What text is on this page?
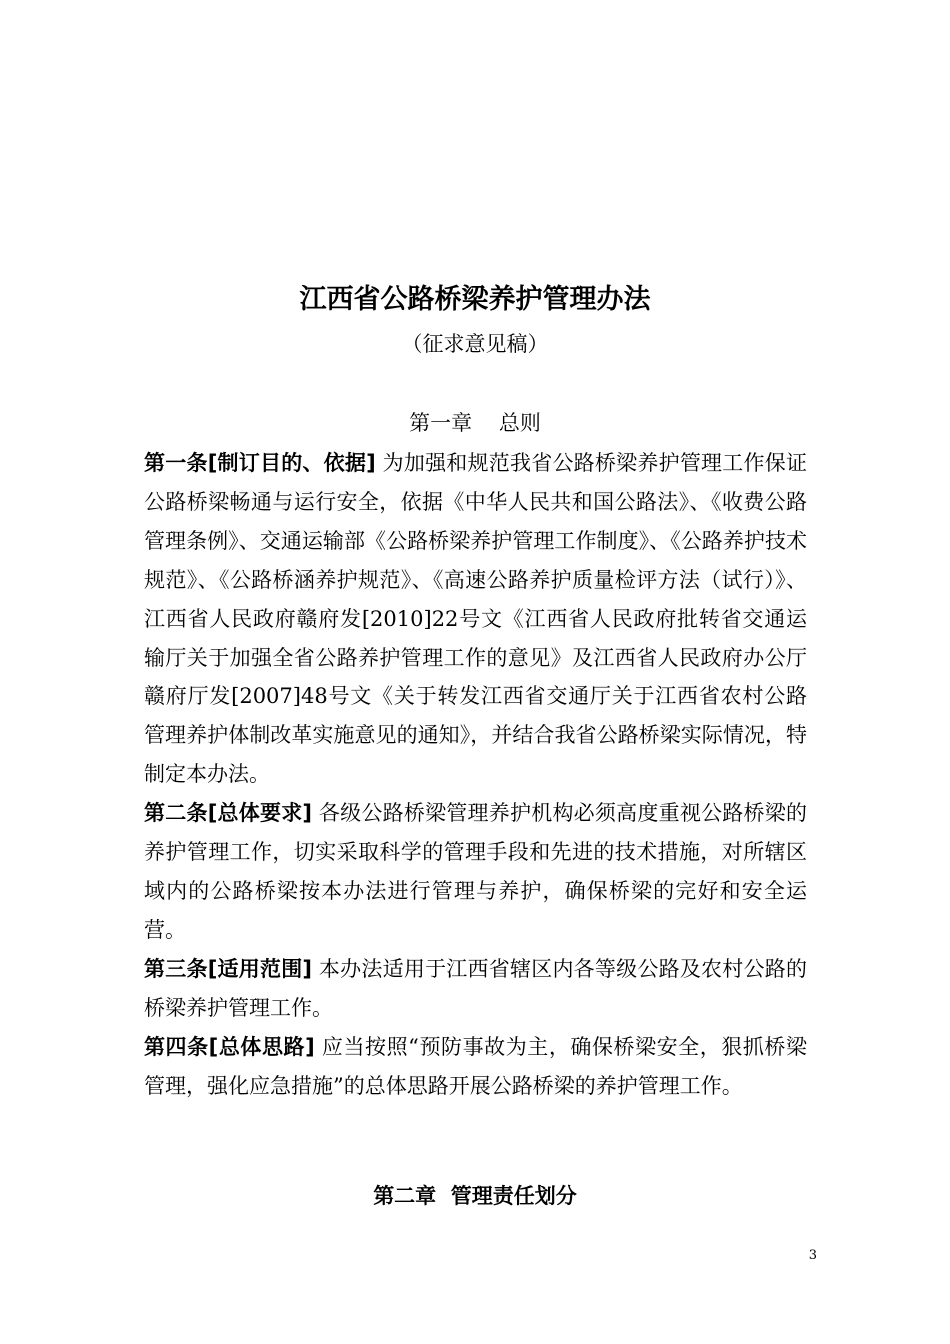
江西省公路桥梁养护管理办法
（征求意见稿）
第一章    总则

第一条[制订目的、依据] 为加强和规范我省公路桥梁养护管理工作保证公路桥梁畅通与运行安全，依据《中华人民共和国公路法》、《收费公路管理条例》、交通运输部《公路桥梁养护管理工作制度》、《公路养护技术规范》、《公路桥涵养护规范》、《高速公路养护质量检评方法（试行）》、江西省人民政府赣府发[2010]22号文《江西省人民政府批转省交通运输厅关于加强全省公路养护管理工作的意见》及江西省人民政府办公厅赣府厅发[2007]48号文《关于转发江西省交通厅关于江西省农村公路管理养护体制改革实施意见的通知》，并结合我省公路桥梁实际情况，特制定本办法。

第二条[总体要求] 各级公路桥梁管理养护机构必须高度重视公路桥梁的养护管理工作，切实采取科学的管理手段和先进的技术措施，对所辖区域内的公路桥梁按本办法进行管理与养护，确保桥梁的完好和安全运营。

第三条[适用范围] 本办法适用于江西省辖区内各等级公路及农村公路的桥梁养护管理工作。

第四条[总体思路] 应当按照“预防事故为主，确保桥梁安全，狠抓桥梁管理，强化应急措施”的总体思路开展公路桥梁的养护管理工作。

第二章  管理责任划分
3
